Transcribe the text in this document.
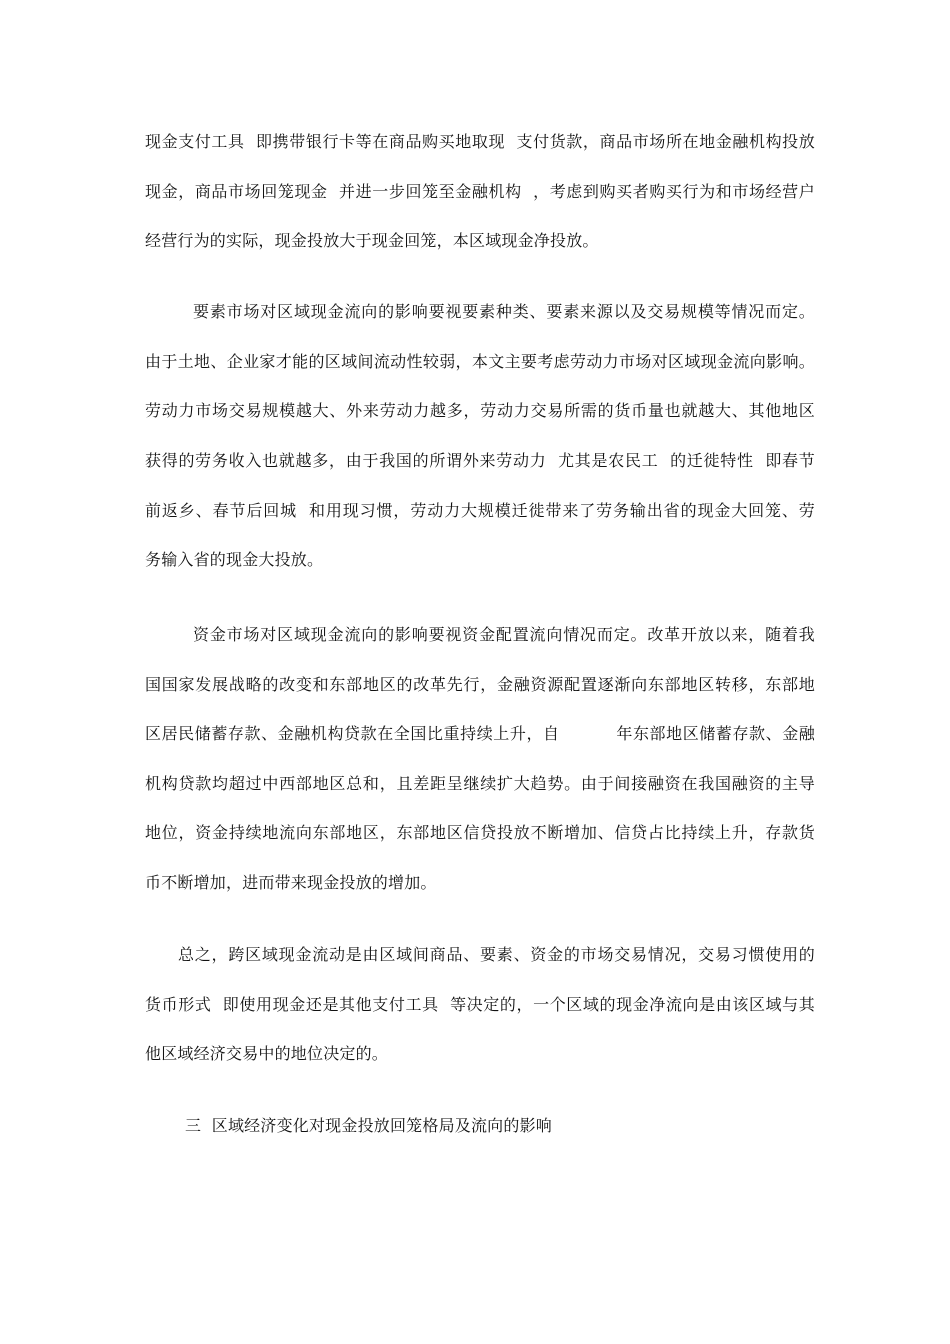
现金支付工具  即携带银行卡等在商品购买地取现  支付货款，商品市场所在地金融机构投放
现金，商品市场回笼现金  并进一步回笼至金融机构  ，考虑到购买者购买行为和市场经营户
经营行为的实际，现金投放大于现金回笼，本区域现金净投放。
要素市场对区域现金流向的影响要视要素种类、要素来源以及交易规模等情况而定。
由于土地、企业家才能的区域间流动性较弱，本文主要考虑劳动力市场对区域现金流向影响。
劳动力市场交易规模越大、外来劳动力越多，劳动力交易所需的货币量也就越大、其他地区
获得的劳务收入也就越多，由于我国的所谓外来劳动力  尤其是农民工  的迁徙特性  即春节
前返乡、春节后回城  和用现习惯，劳动力大规模迁徙带来了劳务输出省的现金大回笼、劳
务输入省的现金大投放。
资金市场对区域现金流向的影响要视资金配置流向情况而定。改革开放以来，随着我
国国家发展战略的改变和东部地区的改革先行，金融资源配置逐渐向东部地区转移，东部地
区居民储蓄存款、金融机构贷款在全国比重持续上升，自          年东部地区储蓄存款、金融
机构贷款均超过中西部地区总和，且差距呈继续扩大趋势。由于间接融资在我国融资的主导
地位，资金持续地流向东部地区，东部地区信贷投放不断增加、信贷占比持续上升，存款货
币不断增加，进而带来现金投放的增加。
总之，跨区域现金流动是由区域间商品、要素、资金的市场交易情况，交易习惯使用的
货币形式  即使用现金还是其他支付工具  等决定的，一个区域的现金净流向是由该区域与其
他区域经济交易中的地位决定的。
三  区域经济变化对现金投放回笼格局及流向的影响
